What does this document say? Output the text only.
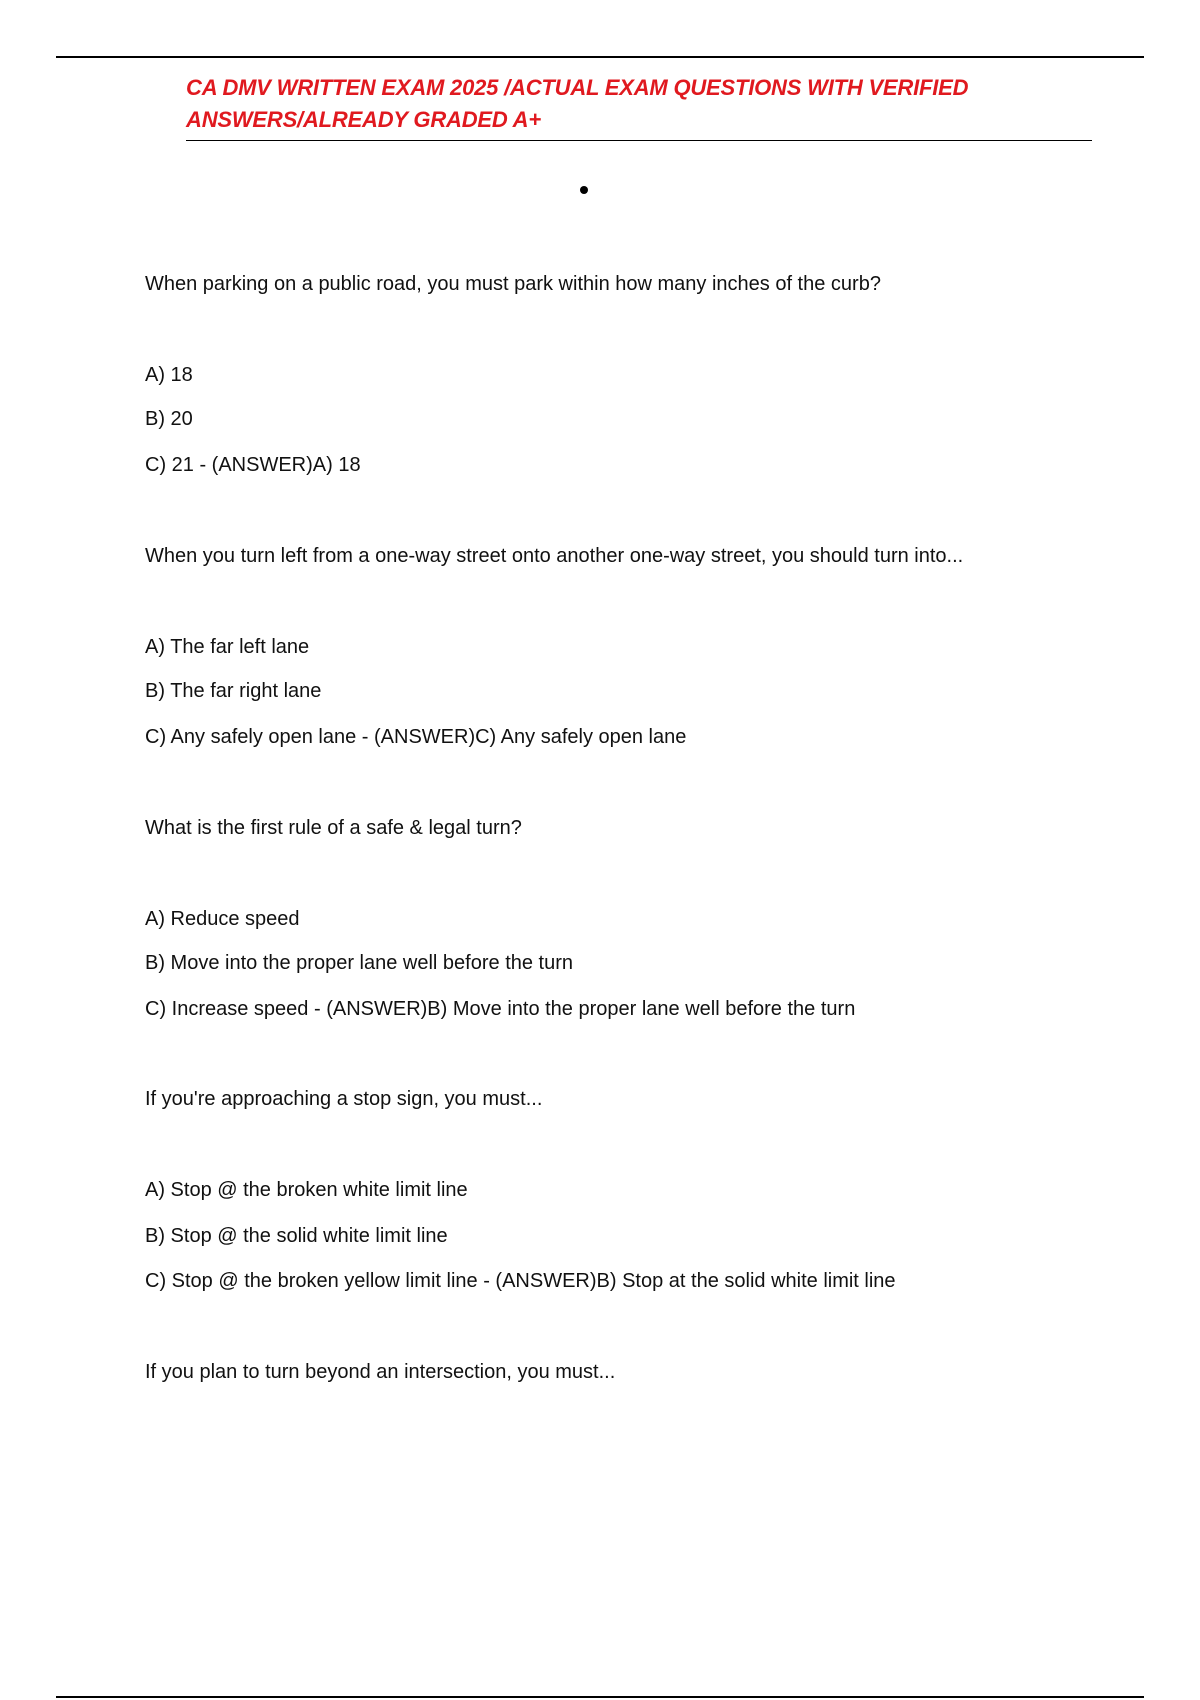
CA DMV WRITTEN EXAM 2025 /ACTUAL EXAM QUESTIONS WITH VERIFIED
ANSWERS/ALREADY GRADED A+
When parking on a public road, you must park within how many inches of the curb?
A) 18
B) 20
C) 21 - (ANSWER)A) 18
When you turn left from a one-way street onto another one-way street, you should turn into...
A) The far left lane
B) The far right lane
C) Any safely open lane - (ANSWER)C) Any safely open lane
What is the first rule of a safe & legal turn?
A) Reduce speed
B) Move into the proper lane well before the turn
C) Increase speed - (ANSWER)B) Move into the proper lane well before the turn
If you're approaching a stop sign, you must...
A) Stop @ the broken white limit line
B) Stop @ the solid white limit line
C) Stop @ the broken yellow limit line - (ANSWER)B) Stop at the solid white limit line
If you plan to turn beyond an intersection, you must...
